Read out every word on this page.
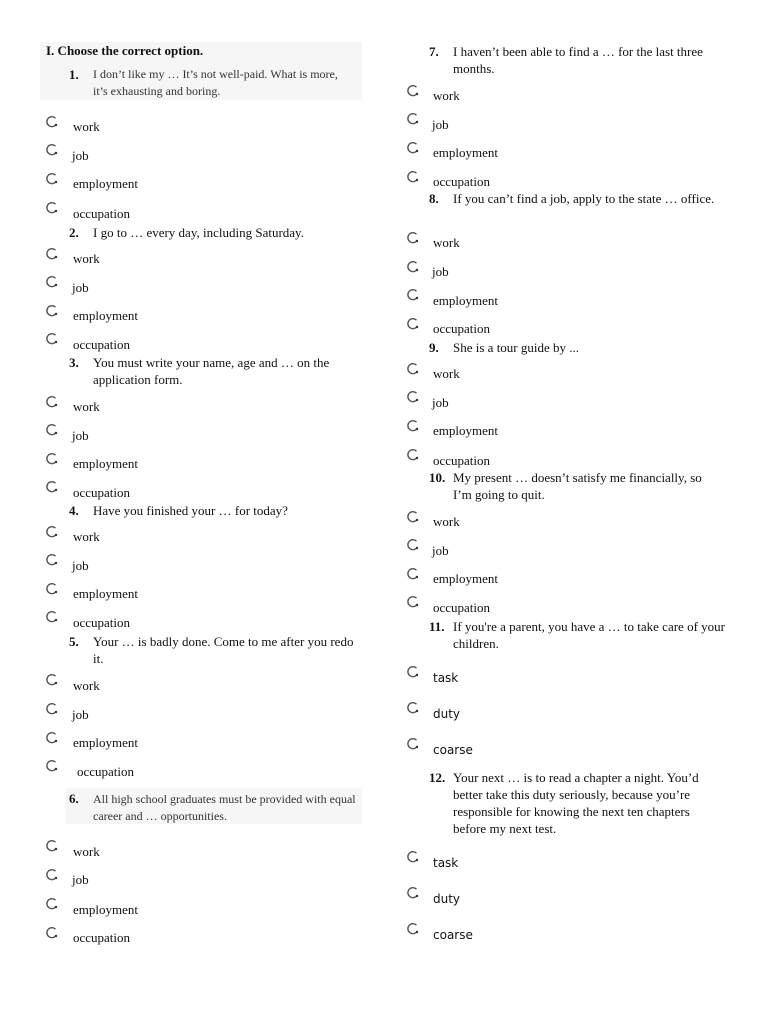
I. Choose the correct option.
1. I don’t like my … It’s not well-paid. What is more, it’s exhausting and boring.
work
job
employment
occupation
2. I go to … every day, including Saturday.
work
job
employment
occupation
3. You must write your name, age and … on the application form.
work
job
employment
occupation
4. Have you finished your … for today?
work
job
employment
occupation
5. Your … is badly done. Come to me after you redo it.
work
job
employment
occupation
6. All high school graduates must be provided with equal career and … opportunities.
work
job
employment
occupation
7. I haven’t been able to find a … for the last three months.
work
job
employment
occupation
8. If you can’t find a job, apply to the state … office.
work
job
employment
occupation
9. She is a tour guide by ...
work
job
employment
occupation
10. My present … doesn’t satisfy me financially, so I’m going to quit.
work
job
employment
occupation
11. If you're a parent, you have a … to take care of your children.
task
duty
coarse
12. Your next … is to read a chapter a night. You’d better take this duty seriously, because you’re responsible for knowing the next ten chapters before my next test.
task
duty
coarse
